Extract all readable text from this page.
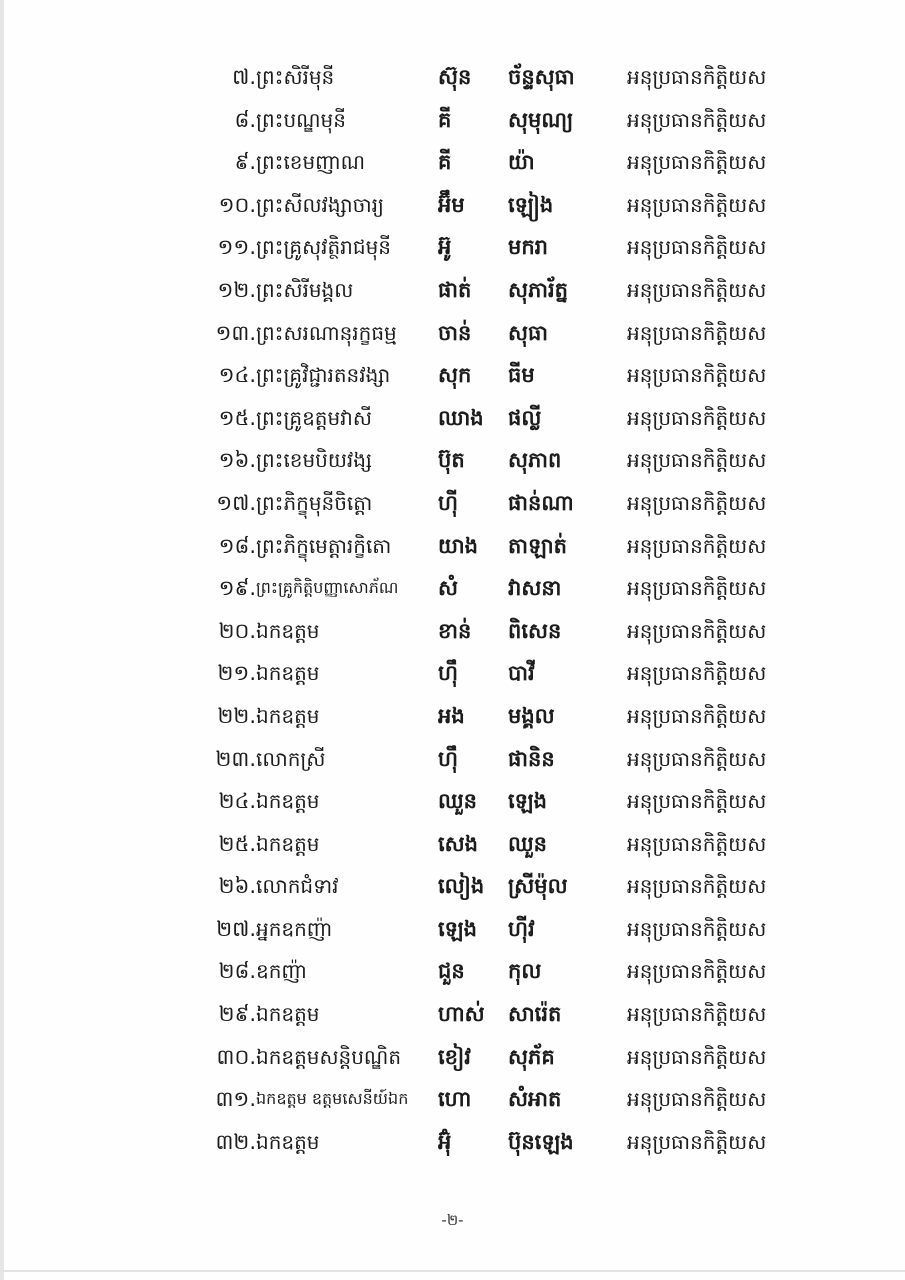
៧. ព្រះសិរីមុនី	ស៊ុន	ច័ន្ទសុធា	អនុប្រធានកិត្តិយស
៨. ព្រះបណ្ឌមុនី	គី	សុមុណ្យ	អនុប្រធានកិត្តិយស
៩. ព្រះខេមញាណ	គី	យ៉ា	អនុប្រធានកិត្តិយស
១០. ព្រះសីលវង្សាចារ្យ	អ៊ឹម	ឡៀង	អនុប្រធានកិត្តិយស
១១. ព្រះគ្រូសុវត្ថិរាជមុនី	អ៊ូ	មករា	អនុប្រធានកិត្តិយស
១២. ព្រះសិរីមង្គល	ផាត់	សុភារ័ត្ន	អនុប្រធានកិត្តិយស
១៣. ព្រះសរណានុរក្ខធម្ម	ចាន់	សុធា	អនុប្រធានកិត្តិយស
១៤. ព្រះគ្រូវិជ្ជារតនវង្សា	សុក	ធីម	អនុប្រធានកិត្តិយស
១៥. ព្រះគ្រូឧត្តមវាសី	ឈាង	ផល្លី	អនុប្រធានកិត្តិយស
១៦. ព្រះខេមបិយវង្ស	ប៊ុត	សុភាព	អនុប្រធានកិត្តិយស
១៧. ព្រះភិក្ខុមុនីចិត្តោ	ហ៊ី	ផាន់ណា	អនុប្រធានកិត្តិយស
១៨. ព្រះភិក្ខុមេត្តារក្ខិតោ	យាង	តាឡាត់	អនុប្រធានកិត្តិយស
១៩. ព្រះគ្រូកិត្តិបញ្ញាសោភ័ណ	សំ	វាសនា	អនុប្រធានកិត្តិយស
២០. ឯកឧត្តម	ខាន់	ពិសេន	អនុប្រធានកិត្តិយស
២១. ឯកឧត្តម	ហ៊ឹ	បាវី	អនុប្រធានកិត្តិយស
២២. ឯកឧត្តម	អង	មង្គល	អនុប្រធានកិត្តិយស
២៣. លោកស្រី	ហ៊ឹ	ផានិន	អនុប្រធានកិត្តិយស
២៤. ឯកឧត្តម	ឈួន	ឡេង	អនុប្រធានកិត្តិយស
២៥. ឯកឧត្តម	សេង	ឈួន	អនុប្រធានកិត្តិយស
២៦. លោកជំទាវ	លៀង	ស្រីម៉ុល	អនុប្រធានកិត្តិយស
២៧. អ្នកឧកញ៉ា	ឡេង	ហ៊ីវ	អនុប្រធានកិត្តិយស
២៨. ឧកញ៉ា	ជួន	កុល	អនុប្រធានកិត្តិយស
២៩. ឯកឧត្តម	ហាស់	សារ៉េត	អនុប្រធានកិត្តិយស
៣០. ឯកឧត្តមសន្តិបណ្ឌិត	ខៀវ	សុភ័គ	អនុប្រធានកិត្តិយស
៣១. ឯកឧត្តម ឧត្តមសេនីយ៍ឯក	ហោ	សំអាត	អនុប្រធានកិត្តិយស
៣២. ឯកឧត្តម	អ៊ុំ	ប៊ុនឡេង	អនុប្រធានកិត្តិយស
-២-
